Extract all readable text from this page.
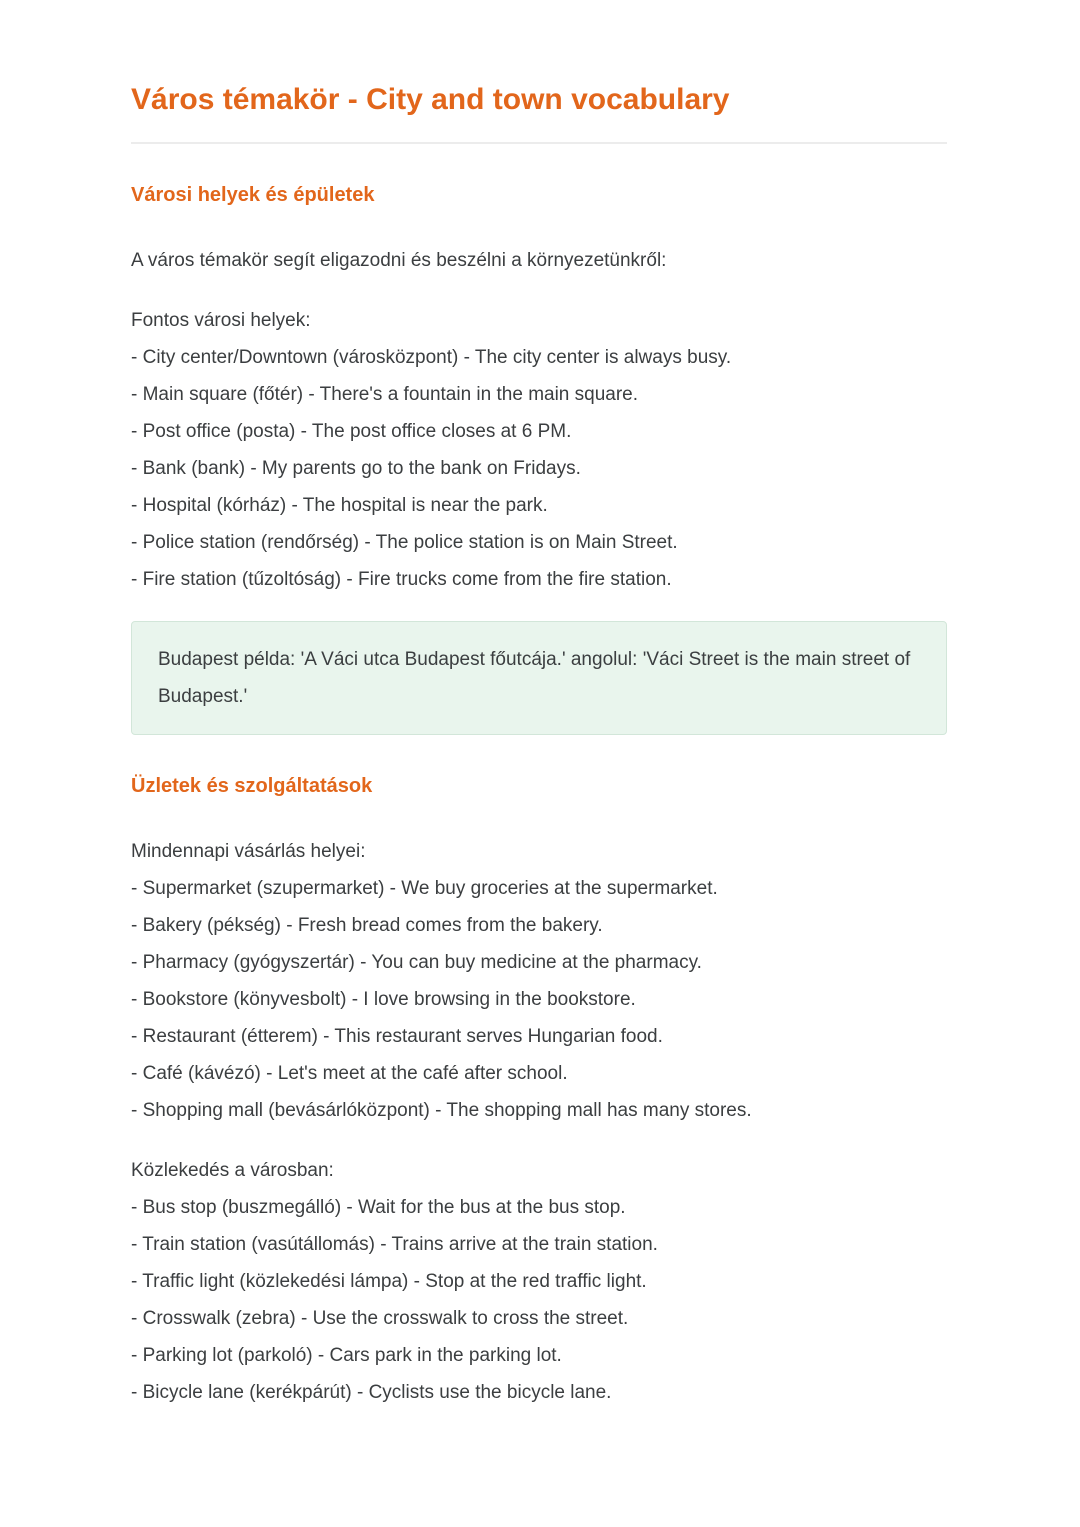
Város témakör - City and town vocabulary
Városi helyek és épületek

A város témakör segít eligazodni és beszélni a környezetünkről:

Fontos városi helyek:
- City center/Downtown (városközpont) - The city center is always busy.
- Main square (főtér) - There's a fountain in the main square.
- Post office (posta) - The post office closes at 6 PM.
- Bank (bank) - My parents go to the bank on Fridays.
- Hospital (kórház) - The hospital is near the park.
- Police station (rendőrség) - The police station is on Main Street.
- Fire station (tűzoltóság) - Fire trucks come from the fire station.

Budapest példa: 'A Váci utca Budapest főutcája.' angolul: 'Váci Street is the main street of Budapest.'

Üzletek és szolgáltatások

Mindennapi vásárlás helyei:
- Supermarket (szupermarket) - We buy groceries at the supermarket.
- Bakery (pékség) - Fresh bread comes from the bakery.
- Pharmacy (gyógyszertár) - You can buy medicine at the pharmacy.
- Bookstore (könyvesbolt) - I love browsing in the bookstore.
- Restaurant (étterem) - This restaurant serves Hungarian food.
- Café (kávézó) - Let's meet at the café after school.
- Shopping mall (bevásárlóközpont) - The shopping mall has many stores.

Közlekedés a városban:
- Bus stop (buszmegálló) - Wait for the bus at the bus stop.
- Train station (vasútállomás) - Trains arrive at the train station.
- Traffic light (közlekedési lámpa) - Stop at the red traffic light.
- Crosswalk (zebra) - Use the crosswalk to cross the street.
- Parking lot (parkoló) - Cars park in the parking lot.
- Bicycle lane (kerékpárút) - Cyclists use the bicycle lane.
